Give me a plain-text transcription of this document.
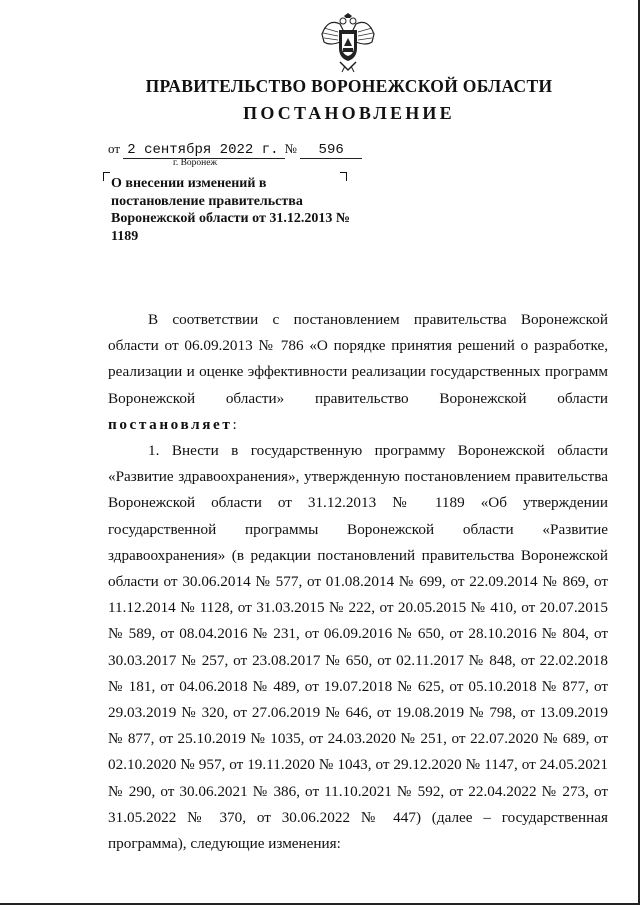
ПРАВИТЕЛЬСТВО ВОРОНЕЖСКОЙ ОБЛАСТИ
ПОСТАНОВЛЕНИЕ
от 2 сентября 2022 г. № 596
г. Воронеж
О внесении изменений в постановление правительства Воронежской области от 31.12.2013 № 1189

В соответствии с постановлением правительства Воронежской области от 06.09.2013 № 786 «О порядке принятия решений о разработке, реализации и оценке эффективности реализации государственных программ Воронежской области» правительство Воронежской области постановляет:

1. Внести в государственную программу Воронежской области «Развитие здравоохранения», утвержденную постановлением правительства Воронежской области от 31.12.2013 № 1189 «Об утверждении государственной программы Воронежской области «Развитие здравоохранения» (в редакции постановлений правительства Воронежской области от 30.06.2014 № 577, от 01.08.2014 № 699, от 22.09.2014 № 869, от 11.12.2014 № 1128, от 31.03.2015 № 222, от 20.05.2015 № 410, от 20.07.2015 № 589, от 08.04.2016 № 231, от 06.09.2016 № 650, от 28.10.2016 № 804, от 30.03.2017 № 257, от 23.08.2017 № 650, от 02.11.2017 № 848, от 22.02.2018 № 181, от 04.06.2018 № 489, от 19.07.2018 № 625, от 05.10.2018 № 877, от 29.03.2019 № 320, от 27.06.2019 № 646, от 19.08.2019 № 798, от 13.09.2019 № 877, от 25.10.2019 № 1035, от 24.03.2020 № 251, от 22.07.2020 № 689, от 02.10.2020 № 957, от 19.11.2020 № 1043, от 29.12.2020 № 1147, от 24.05.2021 № 290, от 30.06.2021 № 386, от 11.10.2021 № 592, от 22.04.2022 № 273, от 31.05.2022 № 370, от 30.06.2022 № 447) (далее – государственная программа), следующие изменения:
